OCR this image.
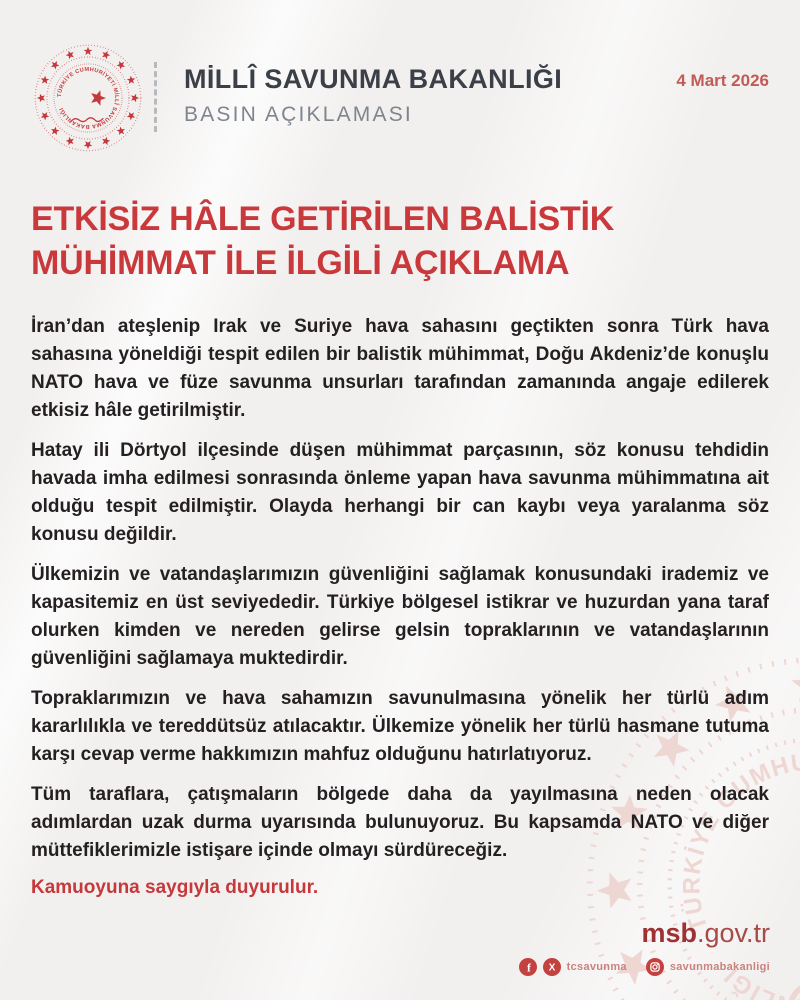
MİLLÎ SAVUNMA BAKANLIĞI
BASIN AÇIKLAMASI
4 Mart 2026
ETKİSİZ HÂLE GETİRİLEN BALİSTİK MÜHİMMAT İLE İLGİLİ AÇIKLAMA

İran’dan ateşlenip Irak ve Suriye hava sahasını geçtikten sonra Türk hava sahasına yöneldiği tespit edilen bir balistik mühimmat, Doğu Akdeniz’de konuşlu NATO hava ve füze savunma unsurları tarafından zamanında angaje edilerek etkisiz hâle getirilmiştir.

Hatay ili Dörtyol ilçesinde düşen mühimmat parçasının, söz konusu tehdidin havada imha edilmesi sonrasında önleme yapan hava savunma mühimmatına ait olduğu tespit edilmiştir. Olayda herhangi bir can kaybı veya yaralanma söz konusu değildir.

Ülkemizin ve vatandaşlarımızın güvenliğini sağlamak konusundaki irademiz ve kapasitemiz en üst seviyededir. Türkiye bölgesel istikrar ve huzurdan yana taraf olurken kimden ve nereden gelirse gelsin topraklarının ve vatandaşlarının güvenliğini sağlamaya muktedirdir.

Topraklarımızın ve hava sahamızın savunulmasına yönelik her türlü adım kararlılıkla ve tereddütsüz atılacaktır. Ülkemize yönelik her türlü hasmane tutuma karşı cevap verme hakkımızın mahfuz olduğunu hatırlatıyoruz.

Tüm taraflara, çatışmaların bölgede daha da yayılmasına neden olacak adımlardan uzak durma uyarısında bulunuyoruz. Bu kapsamda NATO ve diğer müttefiklerimizle istişare içinde olmayı sürdüreceğiz.

Kamuoyuna saygıyla duyurulur.
msb.gov.tr
f X tcsavunma	savunmabakanligi
